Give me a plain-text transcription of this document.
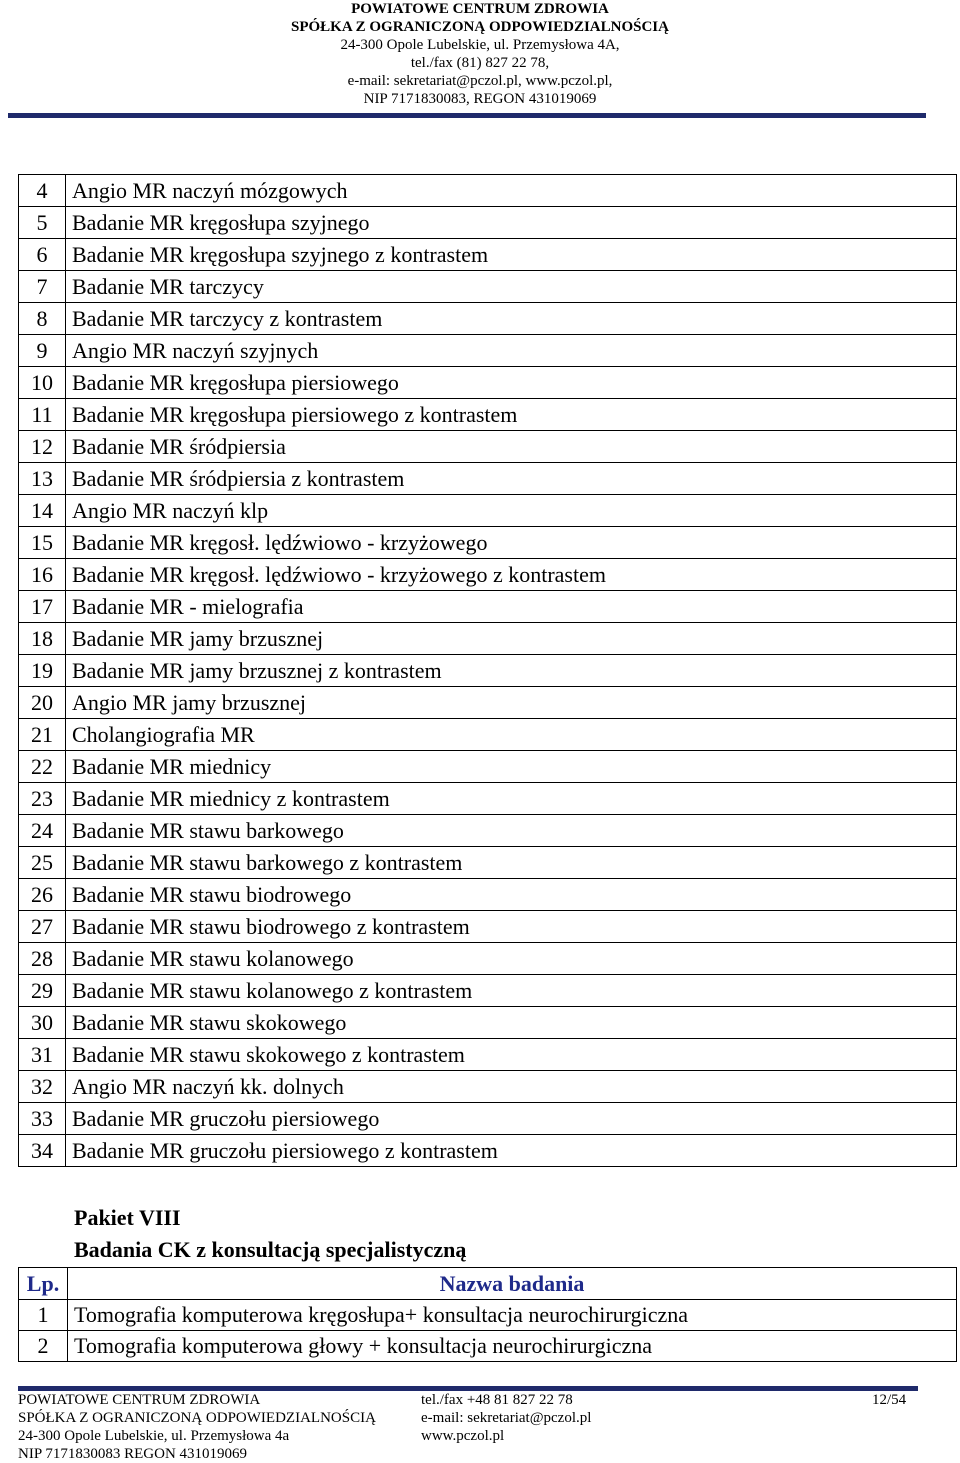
POWIATOWE CENTRUM ZDROWIA
SPÓŁKA Z OGRANICZONĄ ODPOWIEDZIALNOŚCIĄ
24-300 Opole Lubelskie, ul. Przemysłowa 4A,
tel./fax (81) 827 22 78,
e-mail: sekretariat@pczol.pl, www.pczol.pl,
NIP 7171830083, REGON 431019069
4	Angio MR naczyń mózgowych
5	Badanie MR kręgosłupa szyjnego
6	Badanie MR kręgosłupa szyjnego z kontrastem
7	Badanie MR tarczycy
8	Badanie MR tarczycy z kontrastem
9	Angio MR naczyń szyjnych
10	Badanie MR kręgosłupa piersiowego
11	Badanie MR kręgosłupa piersiowego z kontrastem
12	Badanie MR śródpiersia
13	Badanie MR śródpiersia z kontrastem
14	Angio MR naczyń klp
15	Badanie MR kręgosł. lędźwiowo - krzyżowego
16	Badanie MR kręgosł. lędźwiowo - krzyżowego z kontrastem
17	Badanie MR - mielografia
18	Badanie MR jamy brzusznej
19	Badanie MR jamy brzusznej z kontrastem
20	Angio MR jamy brzusznej
21	Cholangiografia MR
22	Badanie MR miednicy
23	Badanie MR miednicy z kontrastem
24	Badanie MR stawu barkowego
25	Badanie MR stawu barkowego z kontrastem
26	Badanie MR stawu biodrowego
27	Badanie MR stawu biodrowego z kontrastem
28	Badanie MR stawu kolanowego
29	Badanie MR stawu kolanowego z kontrastem
30	Badanie MR stawu skokowego
31	Badanie MR stawu skokowego z kontrastem
32	Angio MR naczyń kk. dolnych
33	Badanie MR gruczołu piersiowego
34	Badanie MR gruczołu piersiowego z kontrastem
Pakiet VIII
Badania CK z konsultacją specjalistyczną
Lp.	Nazwa badania
1	Tomografia komputerowa kręgosłupa+ konsultacja neurochirurgiczna
2	Tomografia komputerowa głowy + konsultacja neurochirurgiczna
POWIATOWE CENTRUM ZDROWIA
SPÓŁKA Z OGRANICZONĄ ODPOWIEDZIALNOŚCIĄ
24-300 Opole Lubelskie, ul. Przemysłowa 4a
NIP 7171830083 REGON 431019069
tel./fax +48 81 827 22 78
e-mail: sekretariat@pczol.pl
www.pczol.pl
12/54
